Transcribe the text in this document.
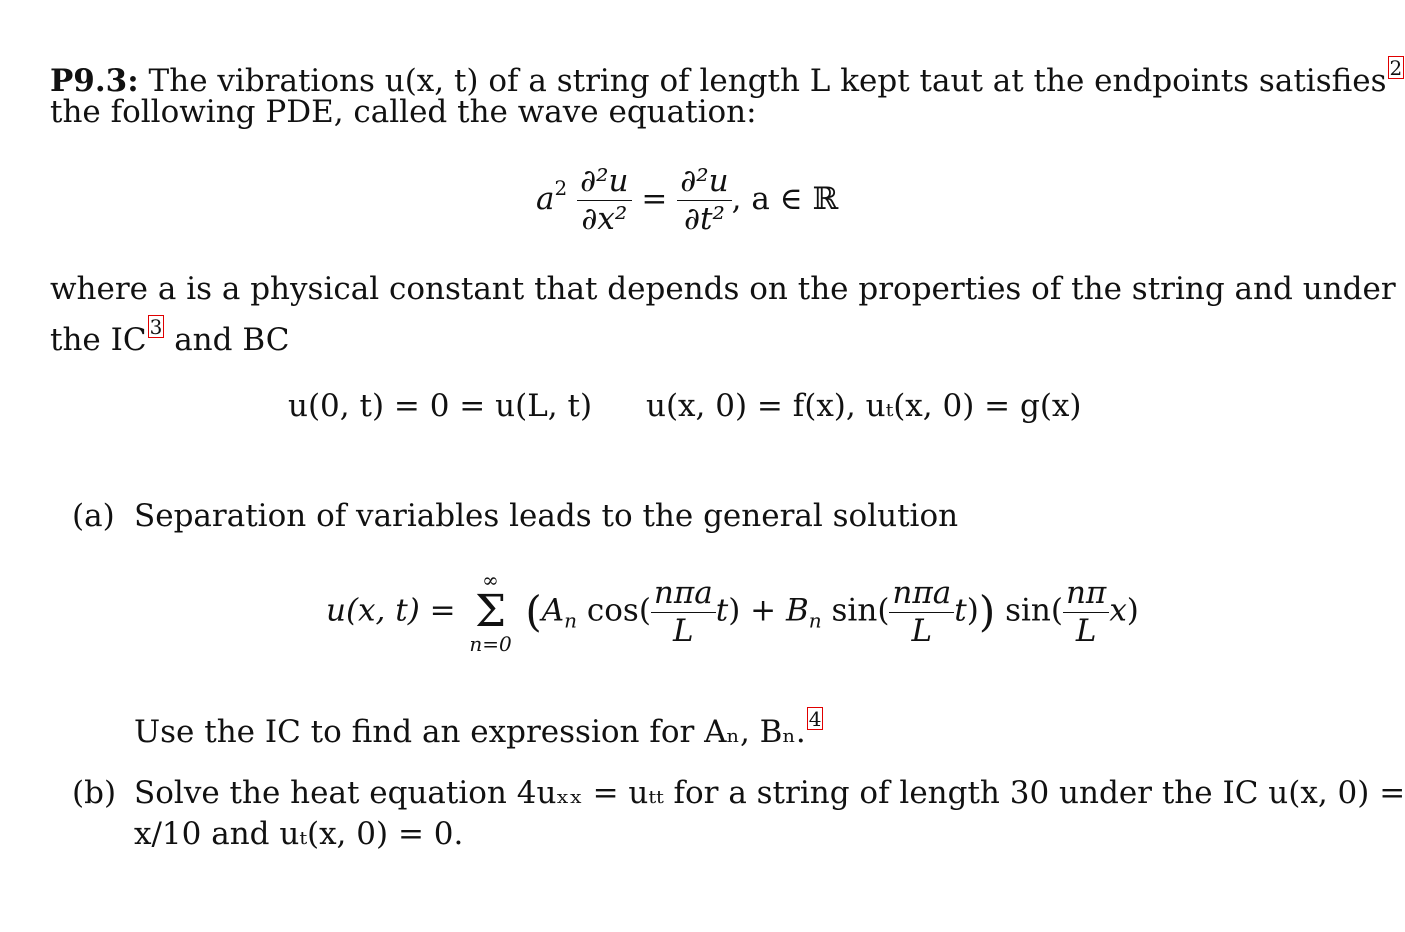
P9.3: The vibrations u(x, t) of a string of length L kept taut at the endpoints satisfies 2
the following PDE, called the wave equation:
$a^2 \frac{\text{∂²u}}{\text{∂x²}} = \frac{\text{∂²u}}{\text{∂t²}}$ , a ∈ ℝ
where a is a physical constant that depends on the properties of the string and under
the IC 3 and BC
u(0, t) = 0 = u(L, t) u(x, 0) = f(x), uₜ(x, 0) = g(x)
(a) Separation of variables leads to the general solution
u(x, t) =
∞
Σ
n=0
($A_n$ $\cos( \frac{\text{nπa}}{L} t) + B_n$ $\sin( \frac{\text{nπa}}{L} t)$) $\sin( \frac{n\pi}{L} x)$
Use the IC to find an expression for Aₙ, Bₙ. 4
(b) Solve the heat equation 4uₓₓ = uₜₜ for a string of length 30 under the IC u(x, 0) =
x/10 and uₜ(x, 0) = 0.
